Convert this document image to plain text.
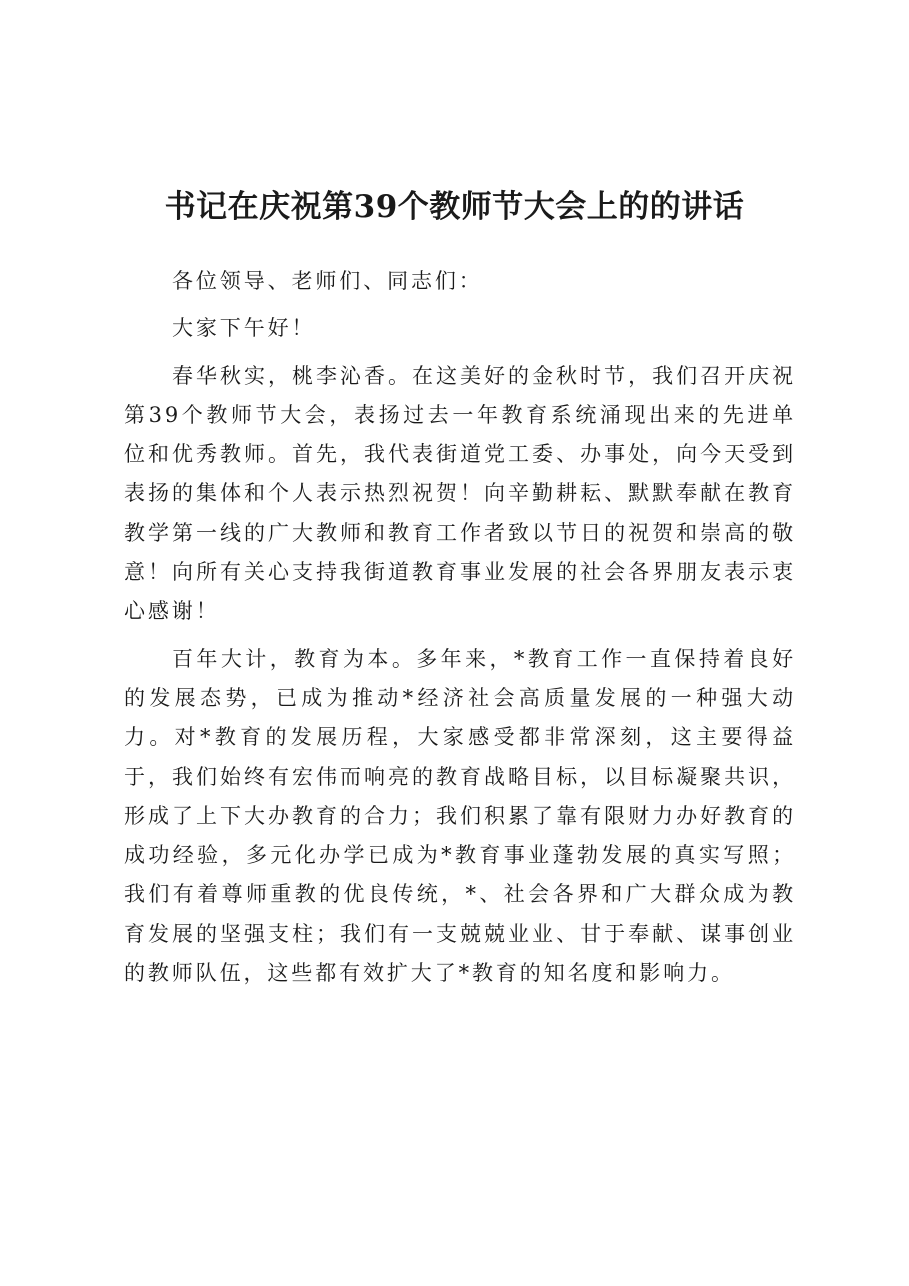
书记在庆祝第39个教师节大会上的的讲话

各位领导、老师们、同志们：

大家下午好！

春华秋实，桃李沁香。在这美好的金秋时节，我们召开庆祝第39个教师节大会，表扬过去一年教育系统涌现出来的先进单位和优秀教师。首先，我代表街道党工委、办事处，向今天受到表扬的集体和个人表示热烈祝贺！向辛勤耕耘、默默奉献在教育教学第一线的广大教师和教育工作者致以节日的祝贺和崇高的敬意！向所有关心支持我街道教育事业发展的社会各界朋友表示衷心感谢！

百年大计，教育为本。多年来，*教育工作一直保持着良好的发展态势，已成为推动*经济社会高质量发展的一种强大动力。对*教育的发展历程，大家感受都非常深刻，这主要得益于，我们始终有宏伟而响亮的教育战略目标，以目标凝聚共识，形成了上下大办教育的合力；我们积累了靠有限财力办好教育的成功经验，多元化办学已成为*教育事业蓬勃发展的真实写照；我们有着尊师重教的优良传统，*、社会各界和广大群众成为教育发展的坚强支柱；我们有一支兢兢业业、甘于奉献、谋事创业的教师队伍，这些都有效扩大了*教育的知名度和影响力。
